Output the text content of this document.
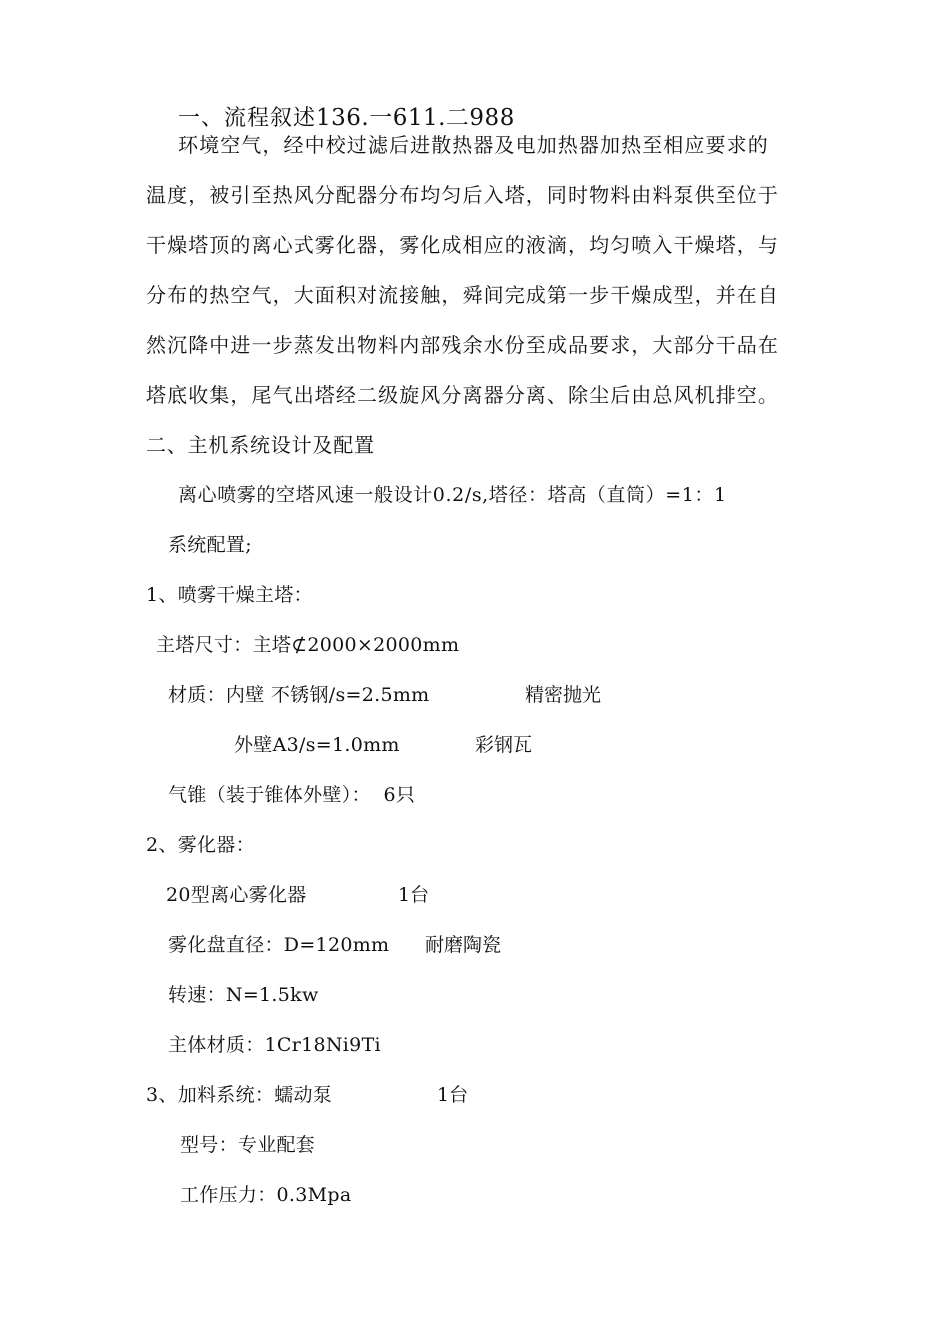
一、流程叙述136.一611.二988

环境空气，经中校过滤后进散热器及电加热器加热至相应要求的
温度，被引至热风分配器分布均匀后入塔，同时物料由料泵供至位于
干燥塔顶的离心式雾化器，雾化成相应的液滴，均匀喷入干燥塔，与
分布的热空气，大面积对流接触，舜间完成第一步干燥成型，并在自
然沉降中进一步蒸发出物料内部残余水份至成品要求，大部分干品在
塔底收集，尾气出塔经二级旋风分离器分离、除尘后由总风机排空。
二、主机系统设计及配置
离心喷雾的空塔风速一般设计0.2/s,塔径：塔高（直筒）=1：1
系统配置;
1、喷雾干燥主塔：
主塔尺寸：主塔⊄2000×2000mm
材质：内壁 不锈钢/s=2.5mm	精密抛光
外壁A3/s=1.0mm	彩钢瓦
气锥（装于锥体外壁）：  6只
2、雾化器：
20型离心雾化器	1台
雾化盘直径：D=120mm 耐磨陶瓷
转速：N=1.5kw
主体材质：1Cr18Ni9Ti
3、加料系统：蠕动泵	1台
型号：专业配套
工作压力：0.3Mpa
